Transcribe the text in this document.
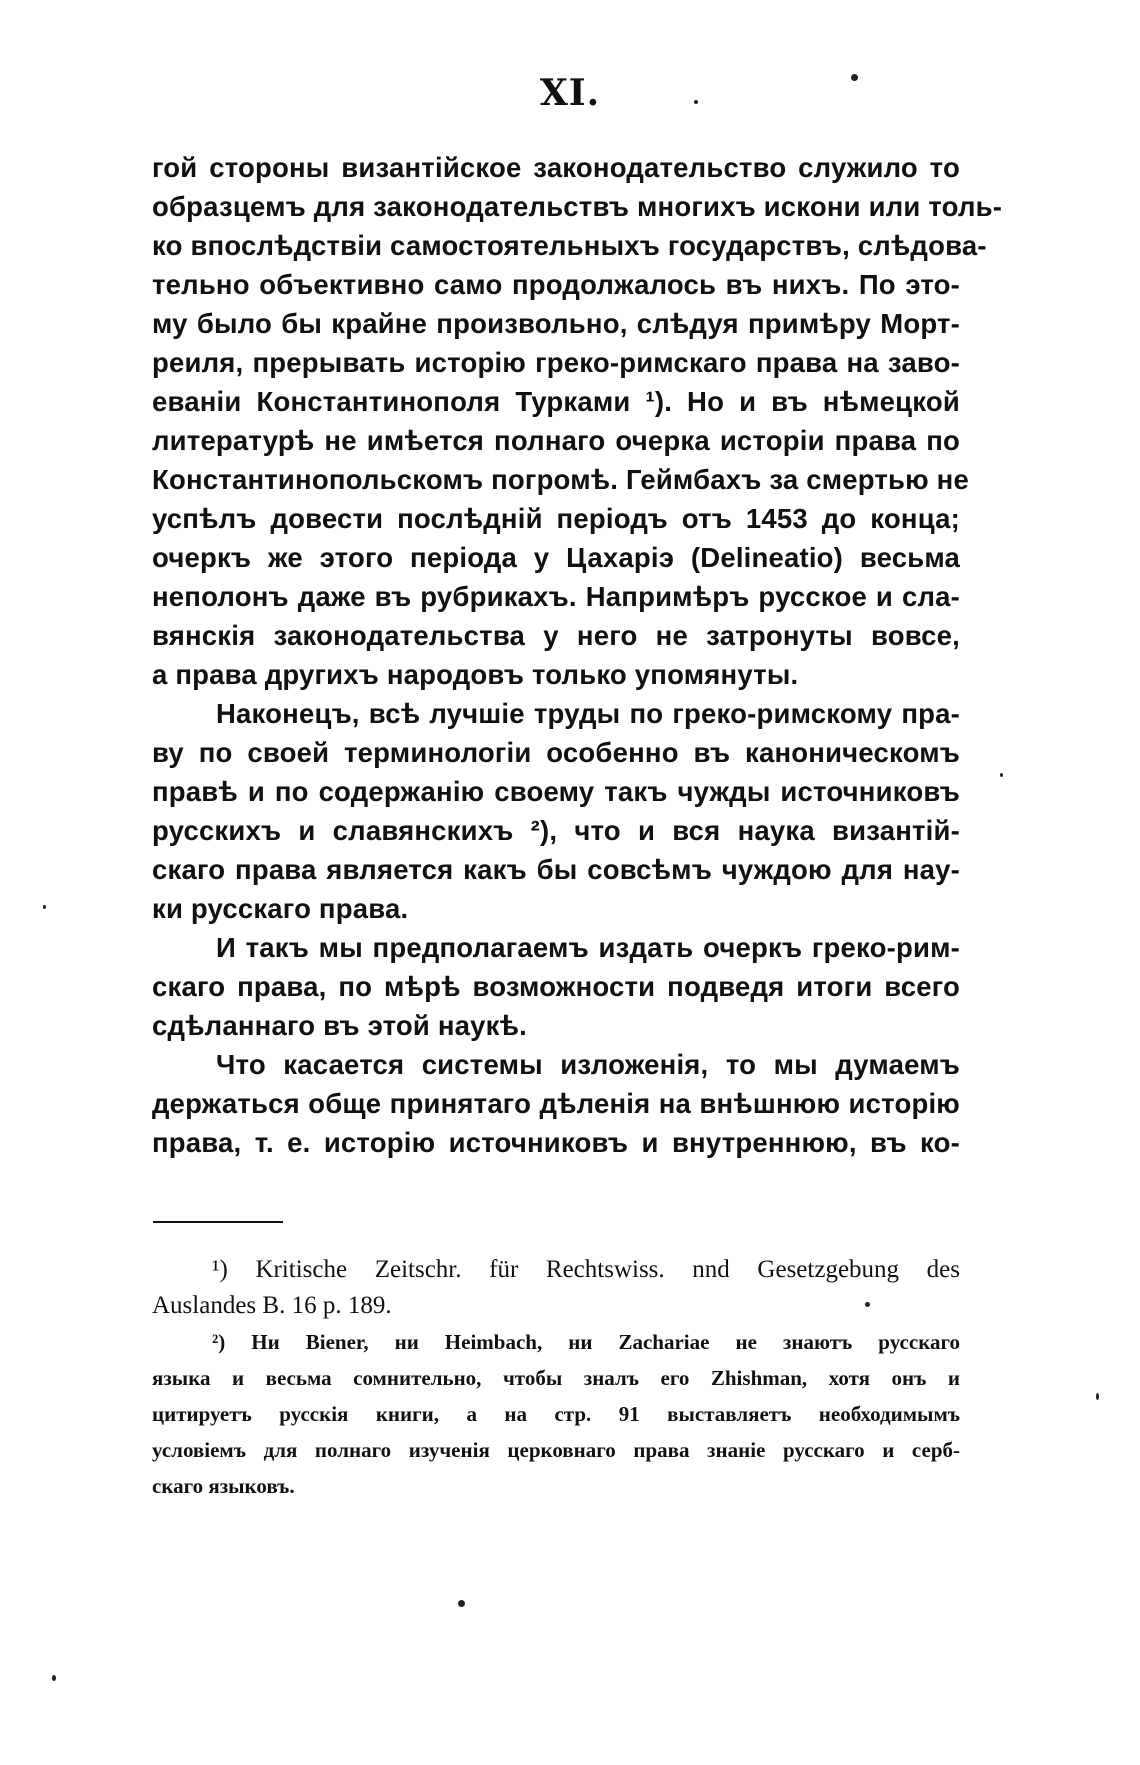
XI.
гой стороны византійское законодательство служило то
образцемъ для законодательствъ многихъ искони или толь-
ко впослѣдствіи самостоятельныхъ государствъ, слѣдова-
тельно объективно само продолжалось въ нихъ. По это-
му было бы крайне произвольно, слѣдуя примѣру Морт-
реиля, прерывать исторію греко-римскаго права на заво-
еваніи Константинополя Турками ¹). Но и въ нѣмецкой
литературѣ не имѣется полнаго очерка исторіи права по
Константинопольскомъ погромѣ. Геймбахъ за смертью не
успѣлъ довести послѣдній періодъ отъ 1453 до конца;
очеркъ же этого періода у Цахаріэ (Delineatio) весьма
неполонъ даже въ рубрикахъ. Напримѣръ русское и сла-
вянскія законодательства у него не затронуты вовсе,
а права другихъ народовъ только упомянуты.
Наконецъ, всѣ лучшіе труды по греко-римскому пра-
ву по своей терминологіи особенно въ каноническомъ
правѣ и по содержанію своему такъ чужды источниковъ
русскихъ и славянскихъ ²), что и вся наука византій-
скаго права является какъ бы совсѣмъ чуждою для нау-
ки русскаго права.
И такъ мы предполагаемъ издать очеркъ греко-рим-
скаго права, по мѣрѣ возможности подведя итоги всего
сдѣланнаго въ этой наукѣ.
Что касается системы изложенія, то мы думаемъ
держаться обще принятаго дѣленія на внѣшнюю исторію
права, т. е. исторію источниковъ и внутреннюю, въ ко-
¹) Kritische Zeitschr. für Rechtswiss. nnd Gesetzgebung des
Auslandes B. 16 p. 189.
²) Ни Biener, ни Heimbach, ни Zachariae не знаютъ русскаго
языка и весьма сомнительно, чтобы зналъ его Zhishman, хотя онъ и
цитируетъ русскія книги, а на стр. 91 выставляетъ необходимымъ
условіемъ для полнаго изученія церковнаго права знаніе русскаго и серб-
скаго языковъ.
